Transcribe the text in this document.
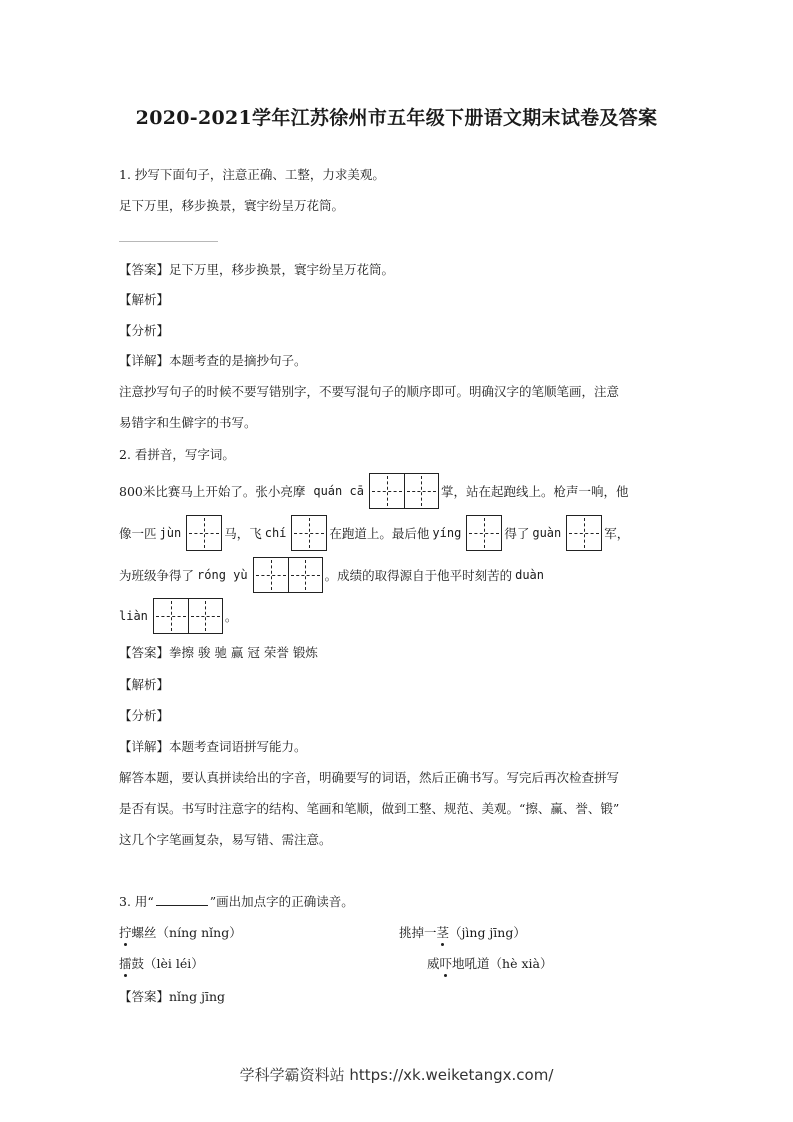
2020-2021学年江苏徐州市五年级下册语文期末试卷及答案
1. 抄写下面句子，注意正确、工整，力求美观。
足下万里，移步换景，寰宇纷呈万花筒。
【答案】足下万里，移步换景，寰宇纷呈万花筒。
【解析】
【分析】
【详解】本题考查的是摘抄句子。
注意抄写句子的时候不要写错别字，不要写混句子的顺序即可。明确汉字的笔顺笔画，注意
易错字和生僻字的书写。
2. 看拼音，写字词。
800米比赛马上开始了。张小亮摩 quán cā	掌，站在起跑线上。枪声一响，他
像一匹 jùn	马，飞 chí	在跑道上。最后他 yíng	得了 guàn	军，
为班级争得了 róng yù	。成绩的取得源自于他平时刻苦的 duàn
liàn	。
【答案】拳擦 骏 驰 赢 冠 荣誉 锻炼
【解析】
【分析】
【详解】本题考查词语拼写能力。
解答本题，要认真拼读给出的字音，明确要写的词语，然后正确书写。写完后再次检查拼写
是否有误。书写时注意字的结构、笔画和笔顺，做到工整、规范、美观。“擦、赢、誉、锻”
这几个字笔画复杂，易写错、需注意。
3. 用“	”画出加点字的正确读音。
拧螺丝（níng nǐng）	挑掉一茎（jìng jīng）
擂鼓（lèi léi）	威吓地吼道（hè xià）
【答案】nǐng jīng
学科学霸资料站 https://xk.weiketangx.com/
